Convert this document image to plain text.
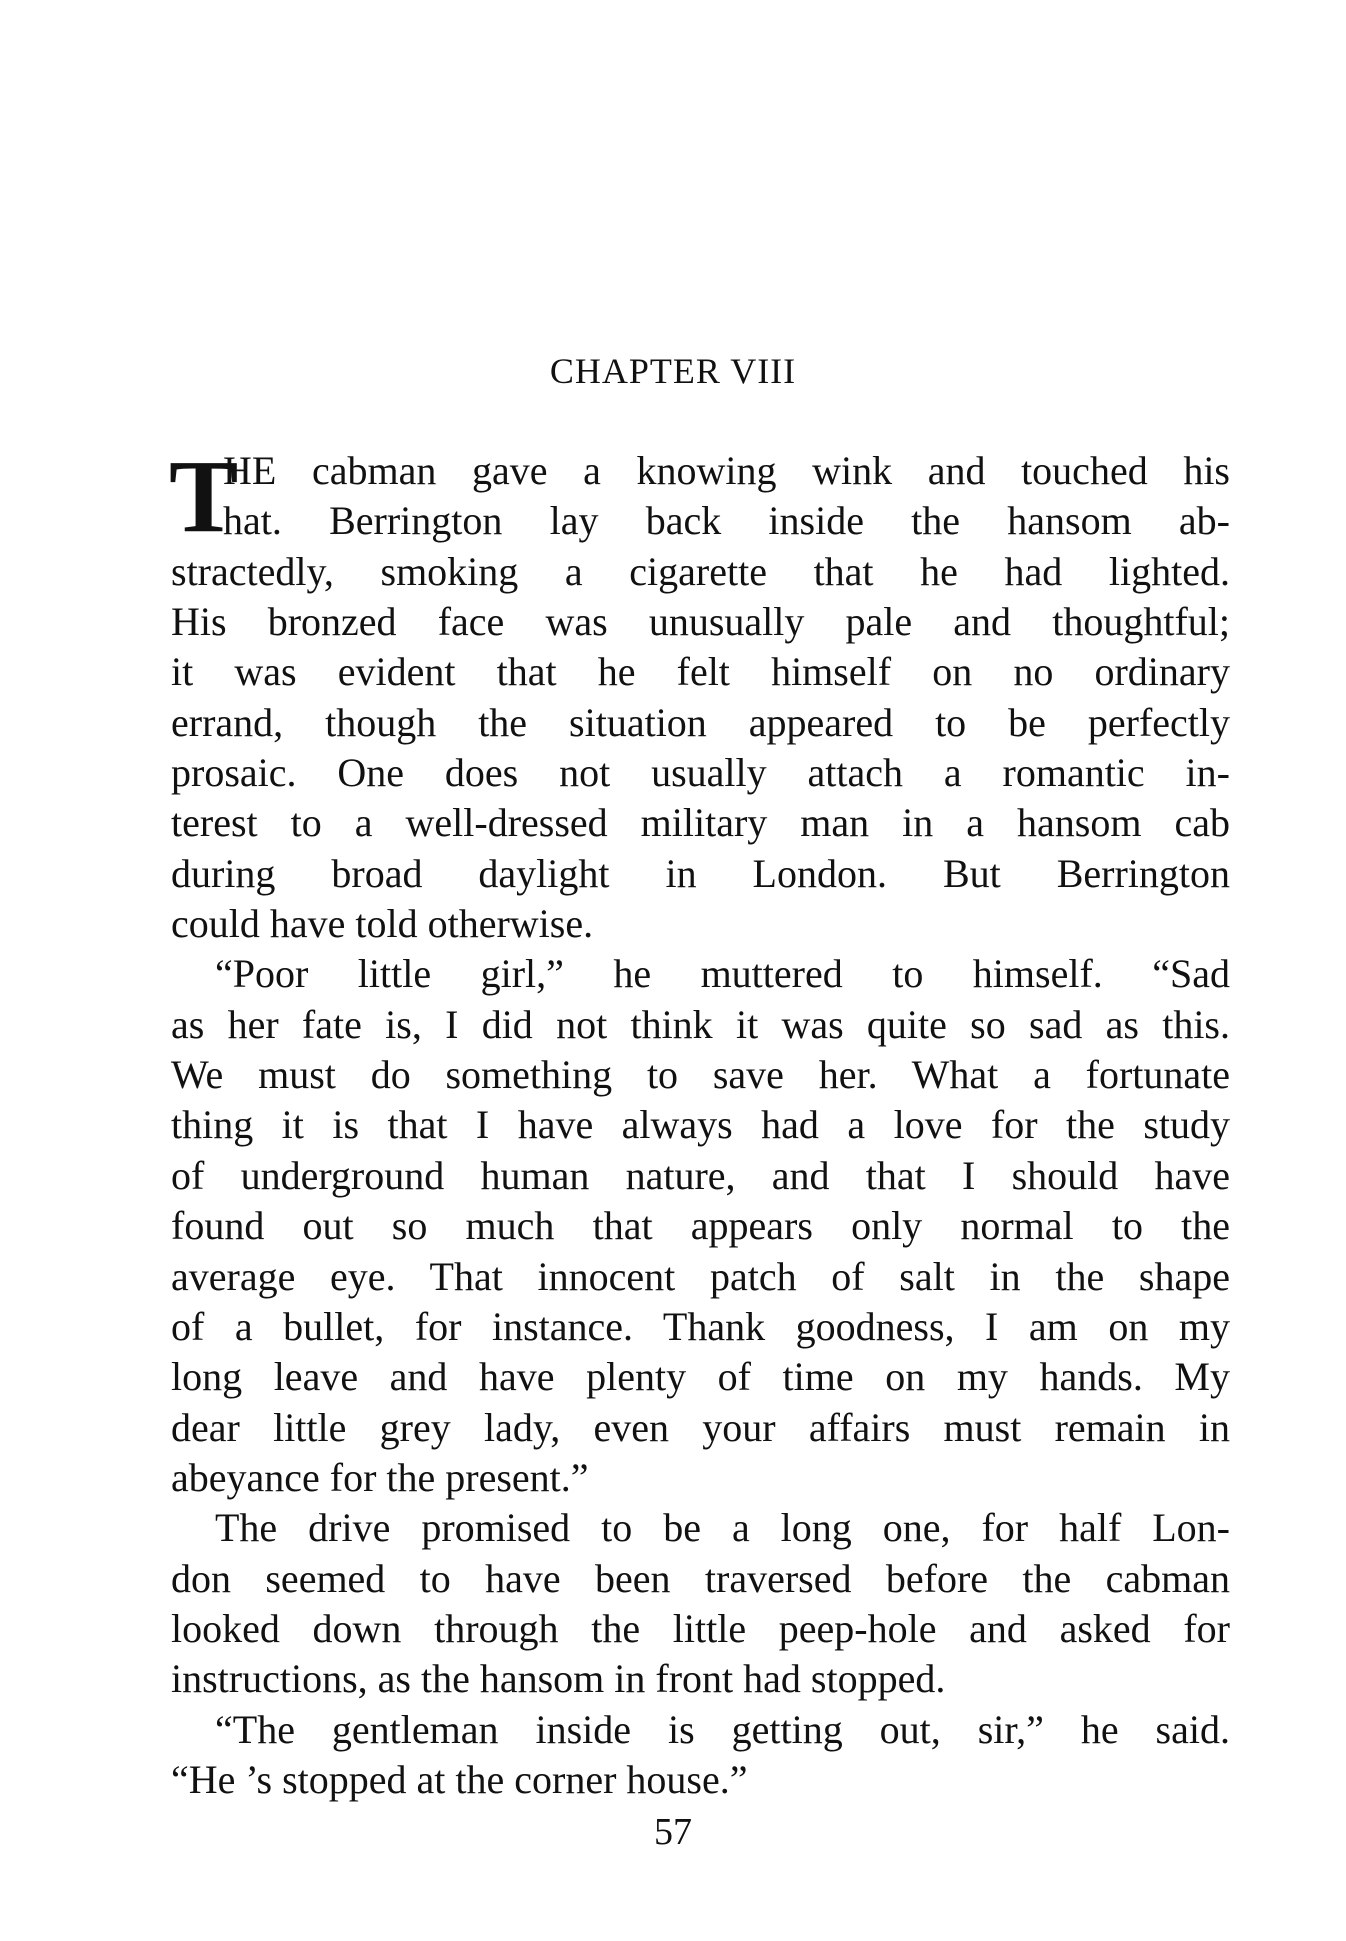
CHAPTER VIII
T
HE cabman gave a knowing wink and touched his
hat. Berrington lay back inside the hansom ab-
stractedly, smoking a cigarette that he had lighted.
His bronzed face was unusually pale and thoughtful;
it was evident that he felt himself on no ordinary
errand, though the situation appeared to be perfectly
prosaic. One does not usually attach a romantic in-
terest to a well-dressed military man in a hansom cab
during broad daylight in London. But Berrington
could have told otherwise.
“Poor little girl,” he muttered to himself. “Sad
as her fate is, I did not think it was quite so sad as this.
We must do something to save her. What a fortunate
thing it is that I have always had a love for the study
of underground human nature, and that I should have
found out so much that appears only normal to the
average eye. That innocent patch of salt in the shape
of a bullet, for instance. Thank goodness, I am on my
long leave and have plenty of time on my hands. My
dear little grey lady, even your affairs must remain in
abeyance for the present.”
The drive promised to be a long one, for half Lon-
don seemed to have been traversed before the cabman
looked down through the little peep-hole and asked for
instructions, as the hansom in front had stopped.
“The gentleman inside is getting out, sir,” he said.
“He ’s stopped at the corner house.”
57
